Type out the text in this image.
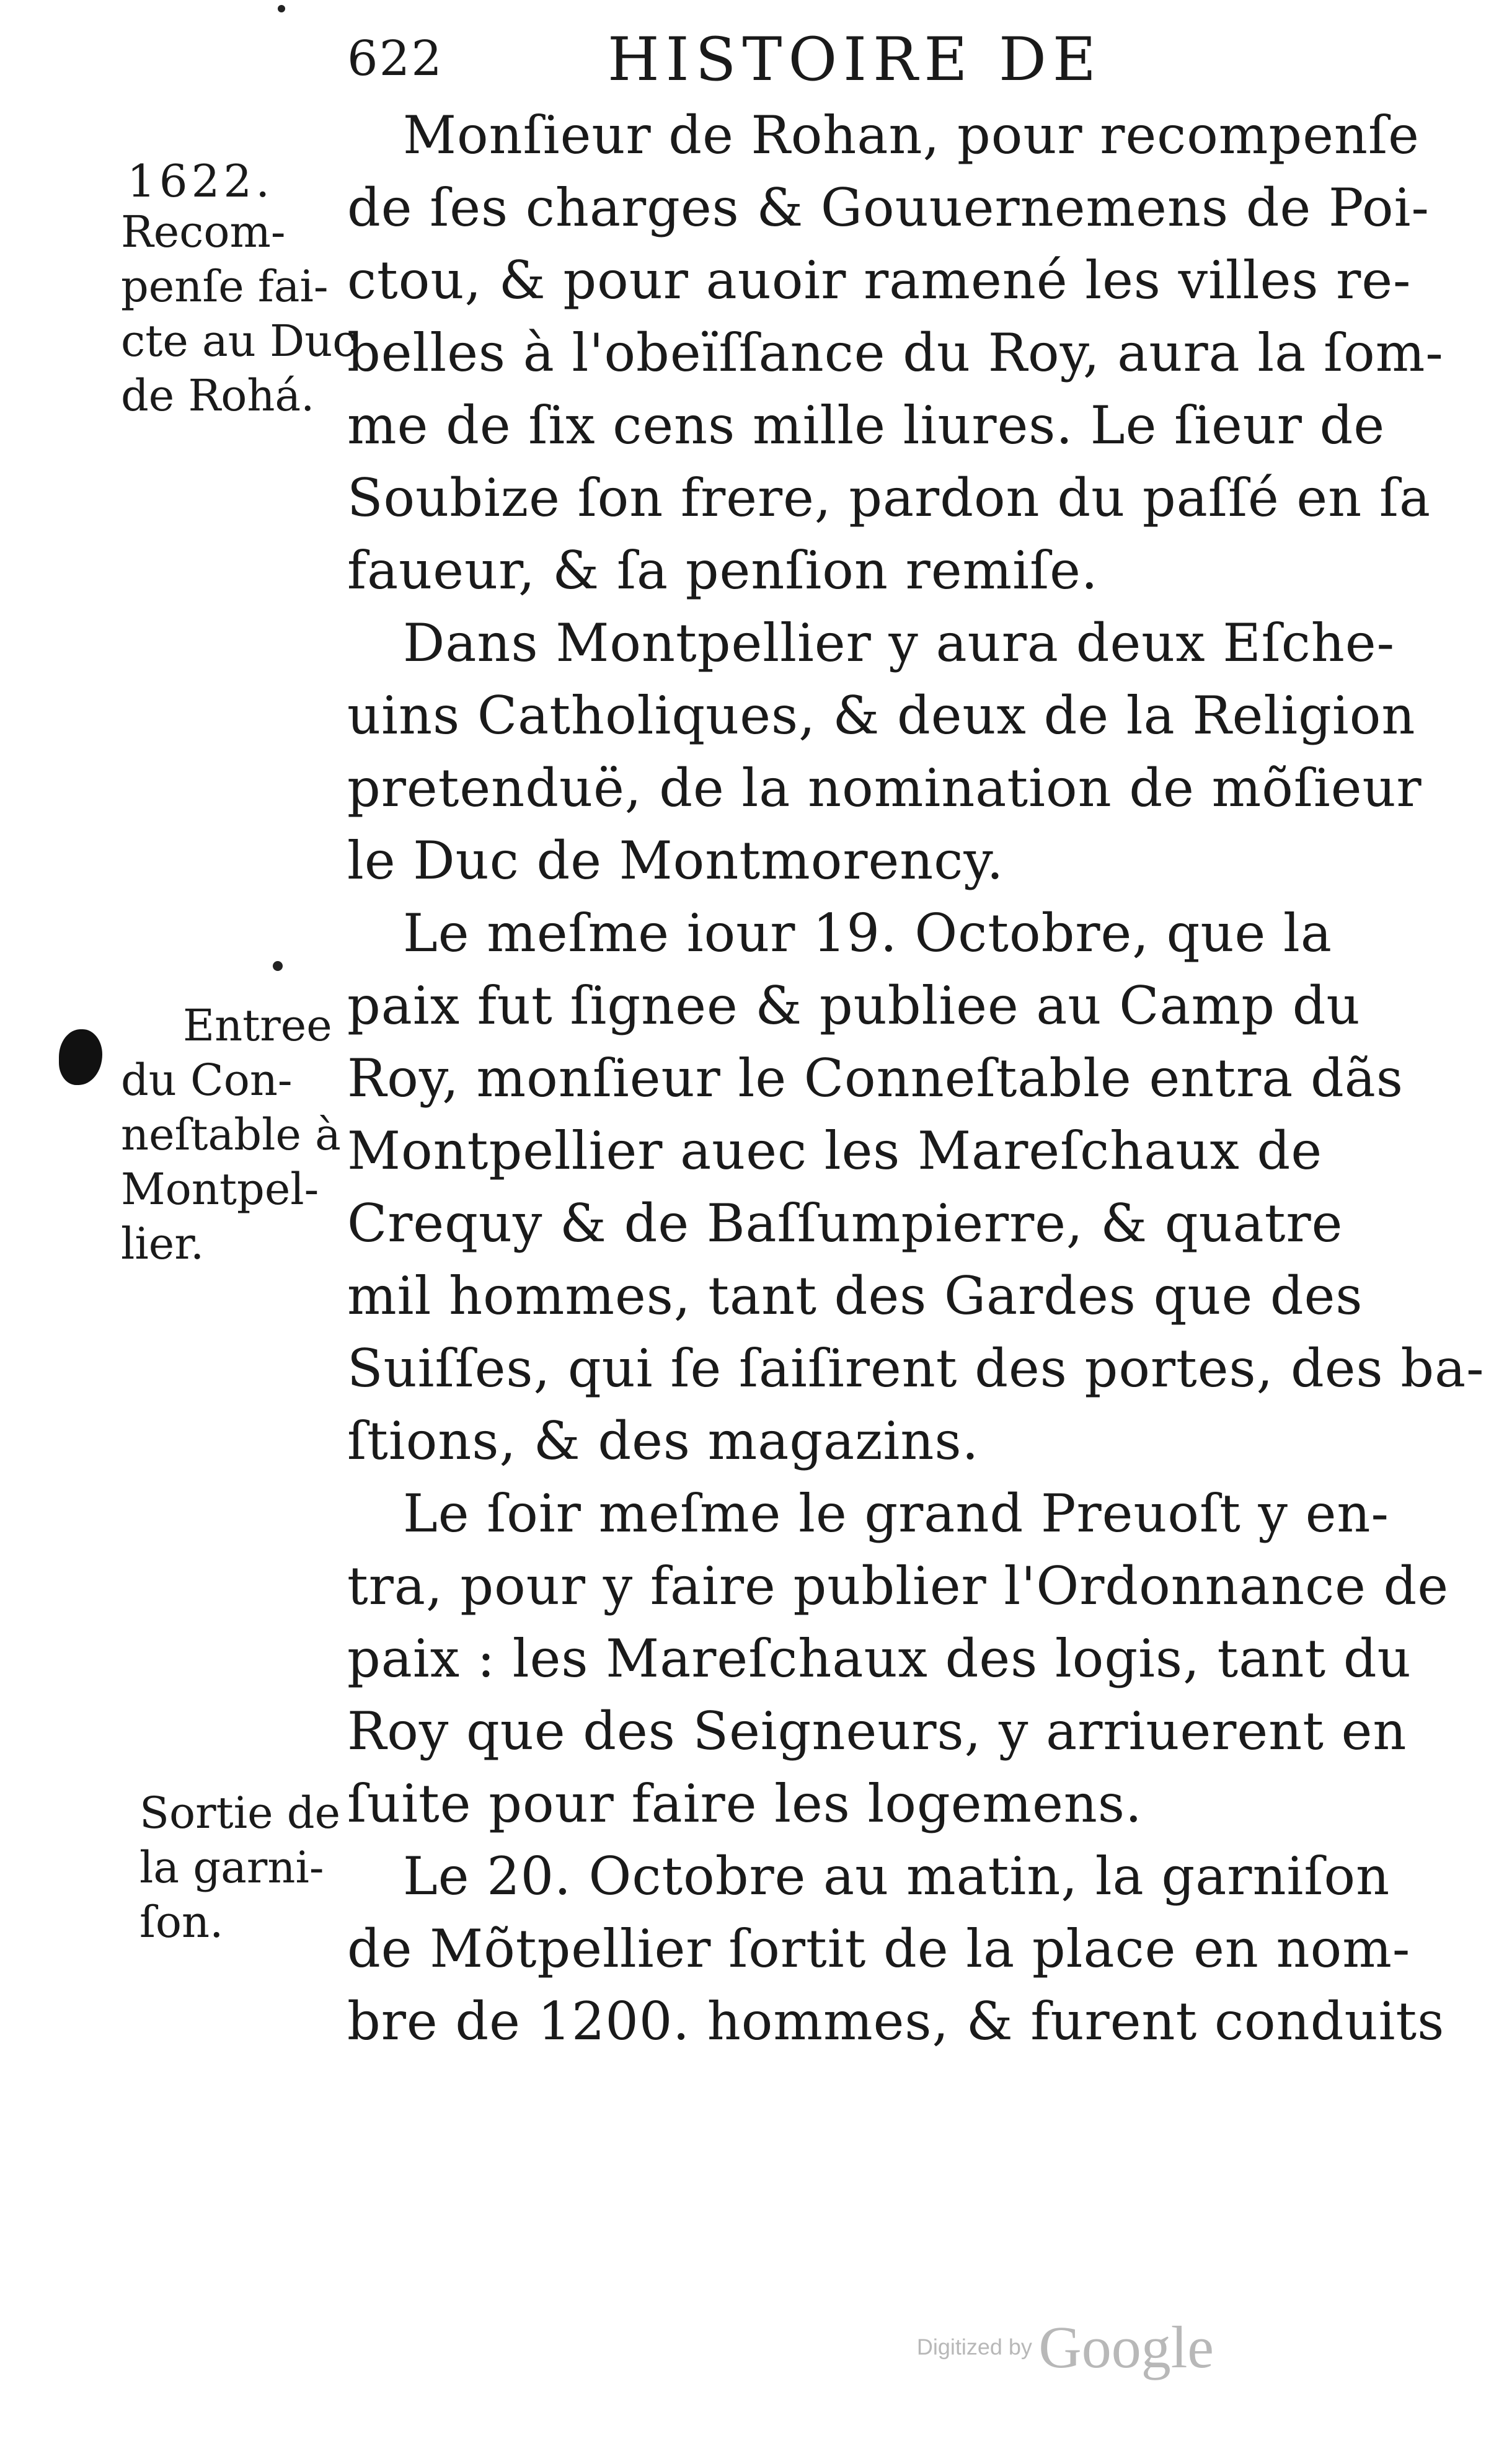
622	HISTOIRE DE
1622.
Recom-
penſe fai-
cte au Duc
de Rohá.
Entree
du Con-
neſtable à
Montpel-
lier.
Sortie de
la garni-
ſon.
Monſieur de Rohan, pour recompenſe
de ſes charges & Gouuernemens de Poi-
ctou, & pour auoir ramené les villes re-
belles à l'obeïſſance du Roy, aura la ſom-
me de ſix cens mille liures. Le ſieur de
Soubize ſon frere, pardon du paſſé en ſa
faueur, & ſa penſion remiſe.
Dans Montpellier y aura deux Eſche-
uins Catholiques, & deux de la Religion
pretenduë, de la nomination de mõſieur
le Duc de Montmorency.
Le meſme iour 19. Octobre, que la
paix fut ſignee & publiee au Camp du
Roy, monſieur le Conneſtable entra dãs
Montpellier auec les Mareſchaux de
Crequy & de Baſſumpierre, & quatre
mil hommes, tant des Gardes que des
Suiſſes, qui ſe ſaiſirent des portes, des ba-
ſtions, & des magazins.
Le ſoir meſme le grand Preuoſt y en-
tra, pour y faire publier l'Ordonnance de
paix : les Mareſchaux des logis, tant du
Roy que des Seigneurs, y arriuerent en
ſuite pour faire les logemens.
Le 20. Octobre au matin, la garniſon
de Mõtpellier ſortit de la place en nom-
bre de 1200. hommes, & furent conduits
Digitized by Google
